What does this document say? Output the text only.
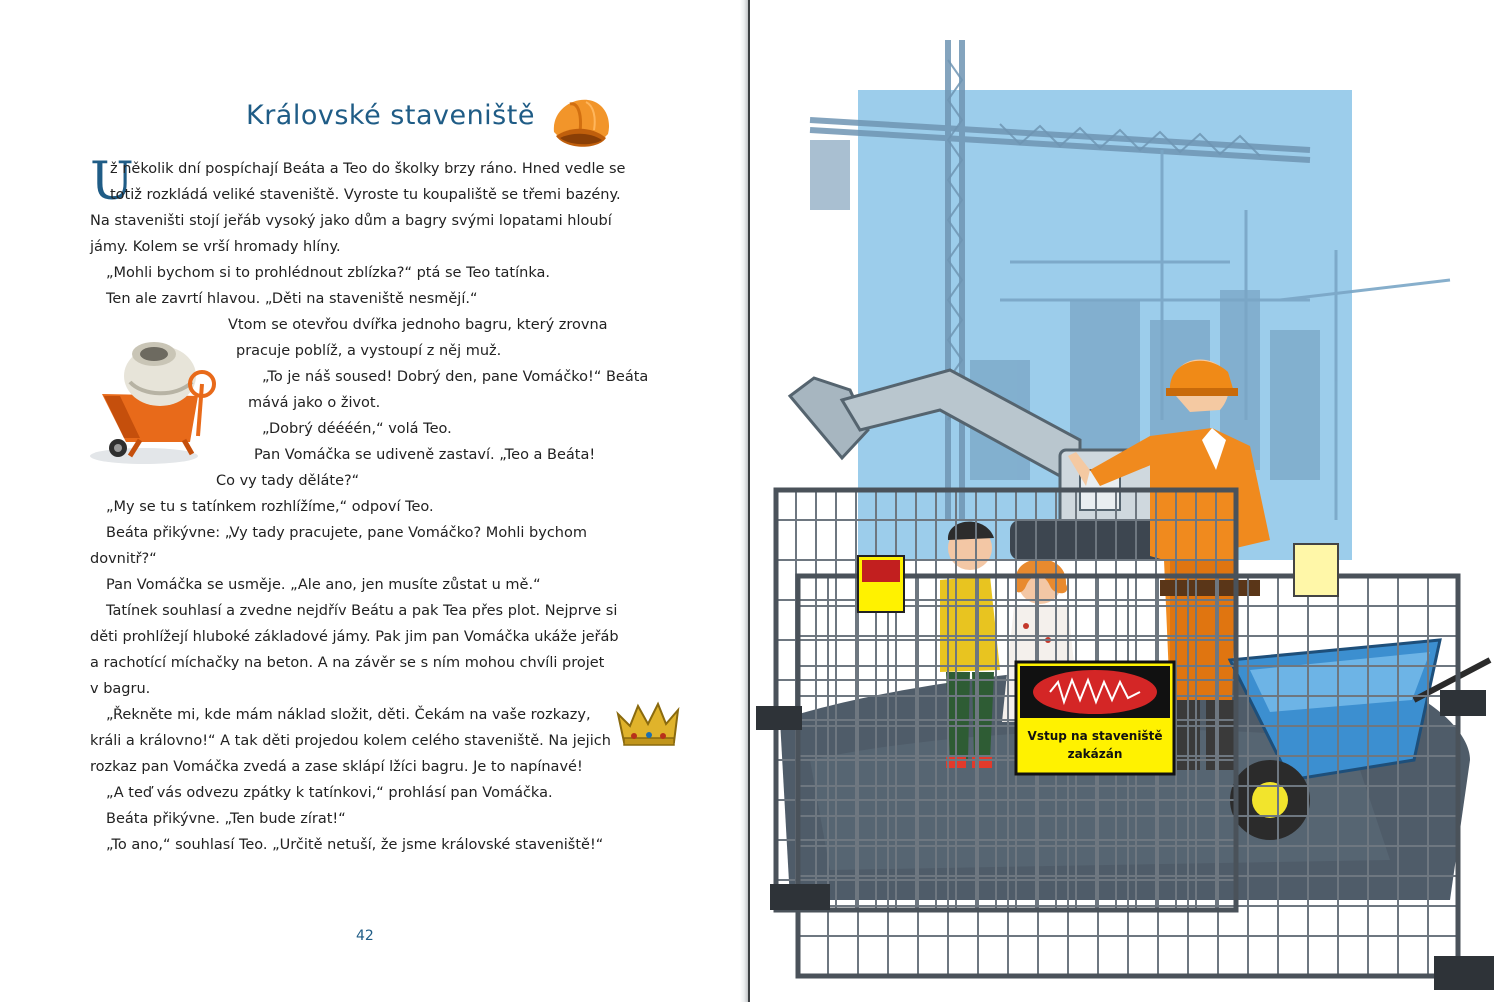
Královské staveniště
U
ž několik dní pospíchají Beáta a Teo do školky brzy ráno. Hned vedle se
totiž rozkládá veliké staveniště. Vyroste tu koupaliště se třemi bazény.
Na staveništi stojí jeřáb vysoký jako dům a bagry svými lopatami hloubí
jámy. Kolem se vrší hromady hlíny.
„Mohli bychom si to prohlédnout zblízka?“ ptá se Teo tatínka.
Ten ale zavrtí hlavou. „Děti na staveniště nesmějí.“
Vtom se otevřou dvířka jednoho bagru, který zrovna
pracuje poblíž, a vystoupí z něj muž.
„To je náš soused! Dobrý den, pane Vomáčko!“ Beáta
mává jako o život.
„Dobrý déééén,“ volá Teo.
Pan Vomáčka se udiveně zastaví. „Teo a Beáta!
Co vy tady děláte?“
„My se tu s tatínkem rozhlížíme,“ odpoví Teo.
Beáta přikývne: „Vy tady pracujete, pane Vomáčko? Mohli bychom
dovnitř?“
Pan Vomáčka se usměje. „Ale ano, jen musíte zůstat u mě.“
Tatínek souhlasí a zvedne nejdřív Beátu a pak Tea přes plot. Nejprve si
děti prohlížejí hluboké základové jámy. Pak jim pan Vomáčka ukáže jeřáb
a rachotící míchačky na beton. A na závěr se s ním mohou chvíli projet
v bagru.
„Řekněte mi, kde mám náklad složit, děti. Čekám na vaše rozkazy,
králi a královno!“ A tak děti projedou kolem celého staveniště. Na jejich
rozkaz pan Vomáčka zvedá a zase sklápí lžíci bagru. Je to napínavé!
„A teď vás odvezu zpátky k tatínkovi,“ prohlásí pan Vomáčka.
Beáta přikývne. „Ten bude zírat!“
„To ano,“ souhlasí Teo. „Určitě netuší, že jsme královské staveniště!“
42
Vstup na staveniště
zakázán
